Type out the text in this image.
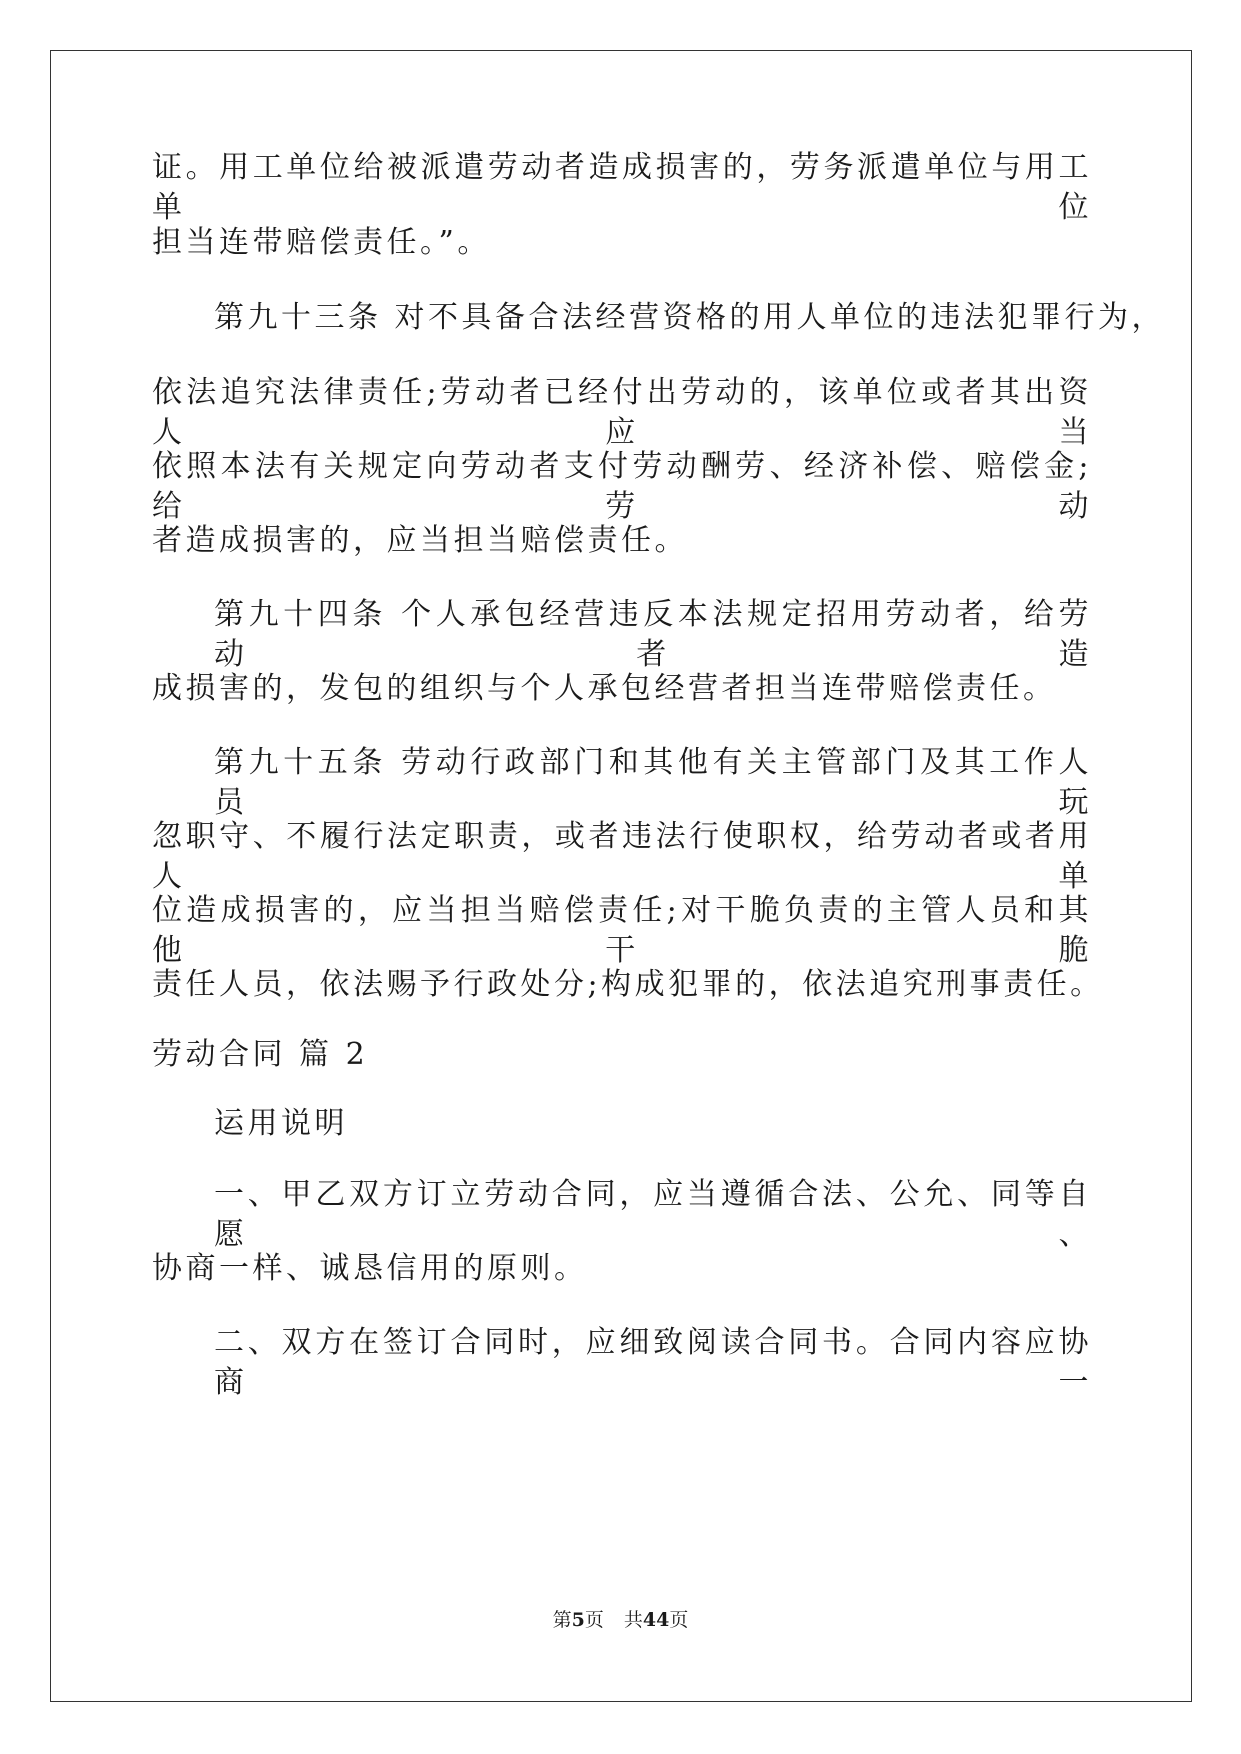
证。用工单位给被派遣劳动者造成损害的，劳务派遣单位与用工单位
担当连带赔偿责任。”。
第九十三条 对不具备合法经营资格的用人单位的违法犯罪行为，
依法追究法律责任;劳动者已经付出劳动的，该单位或者其出资人应当
依照本法有关规定向劳动者支付劳动酬劳、经济补偿、赔偿金;给劳动
者造成损害的，应当担当赔偿责任。
第九十四条 个人承包经营违反本法规定招用劳动者，给劳动者造
成损害的，发包的组织与个人承包经营者担当连带赔偿责任。
第九十五条 劳动行政部门和其他有关主管部门及其工作人员玩
忽职守、不履行法定职责，或者违法行使职权，给劳动者或者用人单
位造成损害的，应当担当赔偿责任;对干脆负责的主管人员和其他干脆
责任人员，依法赐予行政处分;构成犯罪的，依法追究刑事责任。
劳动合同 篇 2
运用说明
一、甲乙双方订立劳动合同，应当遵循合法、公允、同等自愿、
协商一样、诚恳信用的原则。
二、双方在签订合同时，应细致阅读合同书。合同内容应协商一
第5页 共44页
